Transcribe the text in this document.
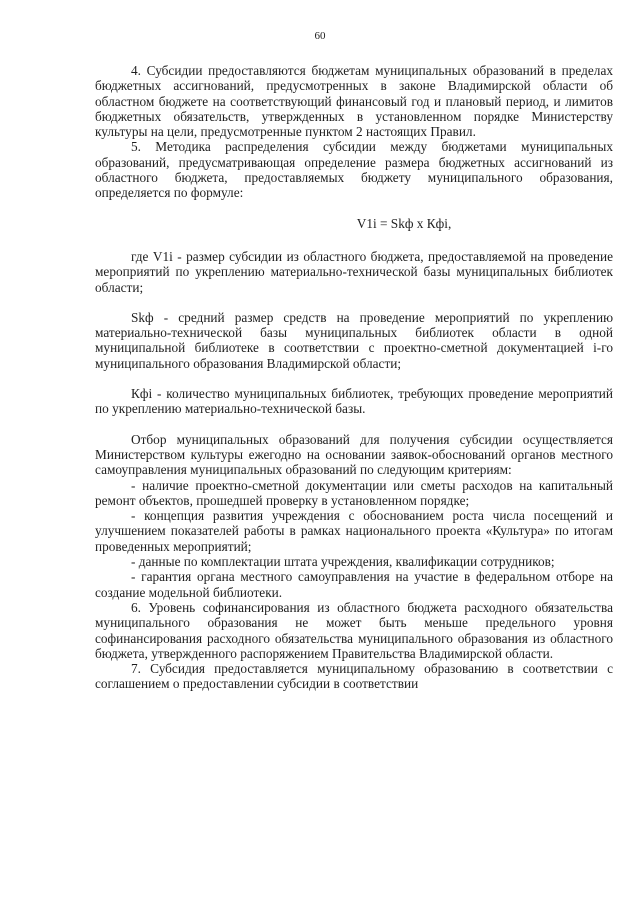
60

4. Субсидии предоставляются бюджетам муниципальных образований в пределах бюджетных ассигнований, предусмотренных в законе Владимирской области об областном бюджете на соответствующий финансовый год и плановый период, и лимитов бюджетных обязательств, утвержденных в установленном порядке Министерству культуры на цели, предусмотренные пунктом 2 настоящих Правил.

5. Методика распределения субсидии между бюджетами муниципальных образований, предусматривающая определение размера бюджетных ассигнований из областного бюджета, предоставляемых бюджету муниципального образования, определяется по формуле:

V1i = Skф х Кфi,

где V1i - размер субсидии из областного бюджета, предоставляемой на проведение мероприятий по укреплению материально-технической базы муниципальных библиотек области;

Skф - средний размер средств на проведение мероприятий по укреплению материально-технической базы муниципальных библиотек области в одной муниципальной библиотеке в соответствии с проектно-сметной документацией i-го муниципального образования Владимирской области;

Кфi - количество муниципальных библиотек, требующих проведение мероприятий по укреплению материально-технической базы.

Отбор муниципальных образований для получения субсидии осуществляется Министерством культуры ежегодно на основании заявок-обоснований органов местного самоуправления муниципальных образований по следующим критериям:

- наличие проектно-сметной документации или сметы расходов на капитальный ремонт объектов, прошедшей проверку в установленном порядке;

- концепция развития учреждения с обоснованием роста числа посещений и улучшением показателей работы в рамках национального проекта «Культура» по итогам проведенных мероприятий;

- данные по комплектации штата учреждения, квалификации сотрудников;

- гарантия органа местного самоуправления на участие в федеральном отборе на создание модельной библиотеки.

6. Уровень софинансирования из областного бюджета расходного обязательства муниципального образования не может быть меньше предельного уровня софинансирования расходного обязательства муниципального образования из областного бюджета, утвержденного распоряжением Правительства Владимирской области.

7. Субсидия предоставляется муниципальному образованию в соответствии с соглашением о предоставлении субсидии в соответствии
